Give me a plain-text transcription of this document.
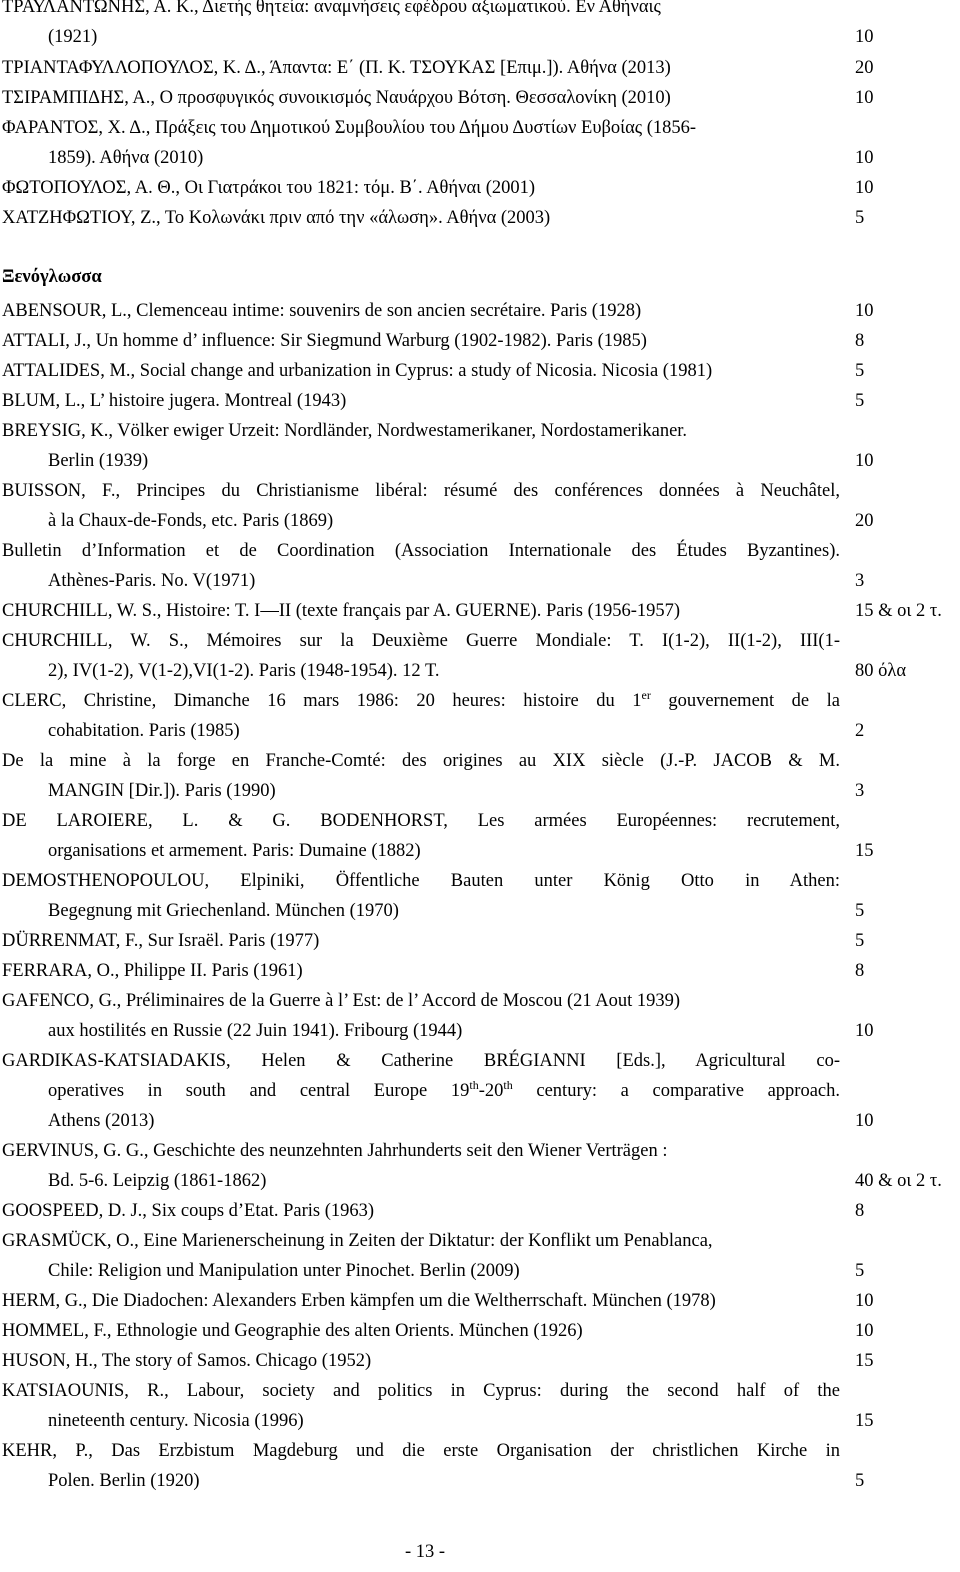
ΤΡΑΥΛΑΝΤΩΝΗΣ, Α. Κ., Διετής θητεία: αναμνήσεις εφέδρου αξιωματικού. Εν Αθήναις
(1921)	10
ΤΡΙΑΝΤΑΦΥΛΛΟΠΟΥΛΟΣ, Κ. Δ., Άπαντα: Ε΄ (Π. Κ. ΤΣΟΥΚΑΣ [Επιμ.]). Αθήνα (2013)	20
ΤΣΙΡΑΜΠΙΔΗΣ, Α., Ο προσφυγικός συνοικισμός Ναυάρχου Βότση. Θεσσαλονίκη (2010)	10
ΦΑΡΑΝΤΟΣ, Χ. Δ., Πράξεις του Δημοτικού Συμβουλίου του Δήμου Δυστίων Ευβοίας (1856-
1859). Αθήνα (2010)	10
ΦΩΤΟΠΟΥΛΟΣ, Α. Θ., Οι Γιατράκοι του 1821: τόμ. Β΄. Αθήναι (2001)	10
ΧΑΤΖΗΦΩΤΙΟΥ, Ζ., Το Κολωνάκι πριν από την «άλωση». Αθήνα (2003)	5
Ξενόγλωσσα
ABENSOUR, L., Clemenceau intime: souvenirs de son ancien secrétaire. Paris (1928)	10
ATTALI, J., Un homme d’ influence: Sir Siegmund Warburg (1902-1982). Paris (1985)	8
ATTALIDES, M., Social change and urbanization in Cyprus: a study of Nicosia. Nicosia (1981)	5
BLUM, L., L’ histoire jugera. Montreal (1943)	5
BREYSIG, K., Völker ewiger Urzeit: Nordländer, Nordwestamerikaner, Nordostamerikaner.
Berlin (1939)	10
BUISSON, F., Principes du Christianisme libéral: résumé des conférences données à Neuchâtel,
à la Chaux-de-Fonds, etc. Paris (1869)	20
Bulletin d’Information et de Coordination (Association Internationale des Études Byzantines).
Athènes-Paris. No. V(1971)	3
CHURCHILL, W. S., Histoire: T. I—II (texte français par A. GUERNE). Paris (1956-1957)	15 & οι 2 τ.
CHURCHILL, W. S., Mémoires sur la Deuxième Guerre Mondiale: T. I(1-2), II(1-2), III(1-
2), IV(1-2), V(1-2),VI(1-2). Paris (1948-1954). 12 T.	80 όλα
CLERC, Christine, Dimanche 16 mars 1986: 20 heures: histoire du 1er gouvernement de la
cohabitation. Paris (1985)	2
De la mine à la forge en Franche-Comté: des origines au XIX siècle (J.-P. JACOB & M.
MANGIN [Dir.]). Paris (1990)	3
DE LAROIERE, L. & G. BODENHORST, Les armées Européennes: recrutement,
organisations et armement. Paris: Dumaine (1882)	15
DEMOSTHENOPOULOU, Elpiniki, Öffentliche Bauten unter König Otto in Athen:
Begegnung mit Griechenland. München (1970)	5
DÜRRENMAT, F., Sur Israël. Paris (1977)	5
FERRARA, O., Philippe II. Paris (1961)	8
GAFENCO, G., Préliminaires de la Guerre à l’ Est: de l’ Accord de Moscou (21 Aout 1939)
aux hostilités en Russie (22 Juin 1941). Fribourg (1944)	10
GARDIKAS-KATSIADAKIS, Helen & Catherine BRÉGIANNI [Eds.], Agricultural co-
operatives in south and central Europe 19th-20th century: a comparative approach.
Athens (2013)	10
GERVINUS, G. G., Geschichte des neunzehnten Jahrhunderts seit den Wiener Verträgen :
Bd. 5-6. Leipzig (1861-1862)	40 & οι 2 τ.
GOOSPEED, D. J., Six coups d’Etat. Paris (1963)	8
GRASMÜCK, O., Eine Marienerscheinung in Zeiten der Diktatur: der Konflikt um Penablanca,
Chile: Religion und Manipulation unter Pinochet. Berlin (2009)	5
HERM, G., Die Diadochen: Alexanders Erben kämpfen um die Weltherrschaft. München (1978)	10
HOMMEL, F., Ethnologie und Geographie des alten Orients. München (1926)	10
HUSON, H., The story of Samos. Chicago (1952)	15
KATSIAOUNIS, R., Labour, society and politics in Cyprus: during the second half of the
nineteenth century. Nicosia (1996)	15
KEHR, P., Das Erzbistum Magdeburg und die erste Organisation der christlichen Kirche in
Polen. Berlin (1920)	5
- 13 -
